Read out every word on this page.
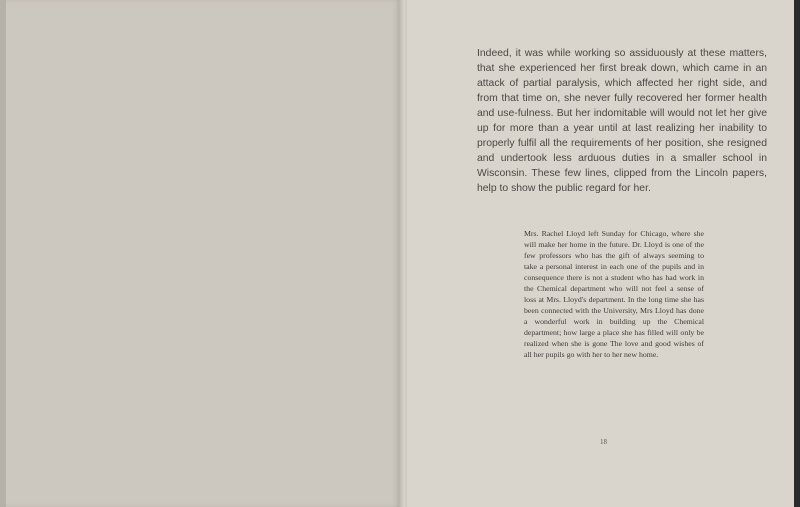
Indeed, it was while working so assiduously at these matters, that she experienced her first break down, which came in an attack of partial paralysis, which affected her right side, and from that time on, she never fully recovered her former health and use-fulness. But her indomitable will would not let her give up for more than a year until at last realizing her inability to properly fulfil all the requirements of her position, she resigned and undertook less arduous duties in a smaller school in Wisconsin. These few lines, clipped from the Lincoln papers, help to show the public regard for her.

Mrs. Rachel Lloyd left Sunday for Chicago, where she will make her home in the future. Dr. Lloyd is one of the few professors who has the gift of always seeming to take a personal interest in each one of the pupils and in consequence there is not a student who has had work in the Chemical department who will not feel a sense of loss at Mrs. Lloyd's department. In the long time she has been connected with the University, Mrs Lloyd has done a wonderful work in building up the Chemical department; how large a place she has filled will only be realized when she is gone The love and good wishes of all her pupils go with her to her new home.

18
